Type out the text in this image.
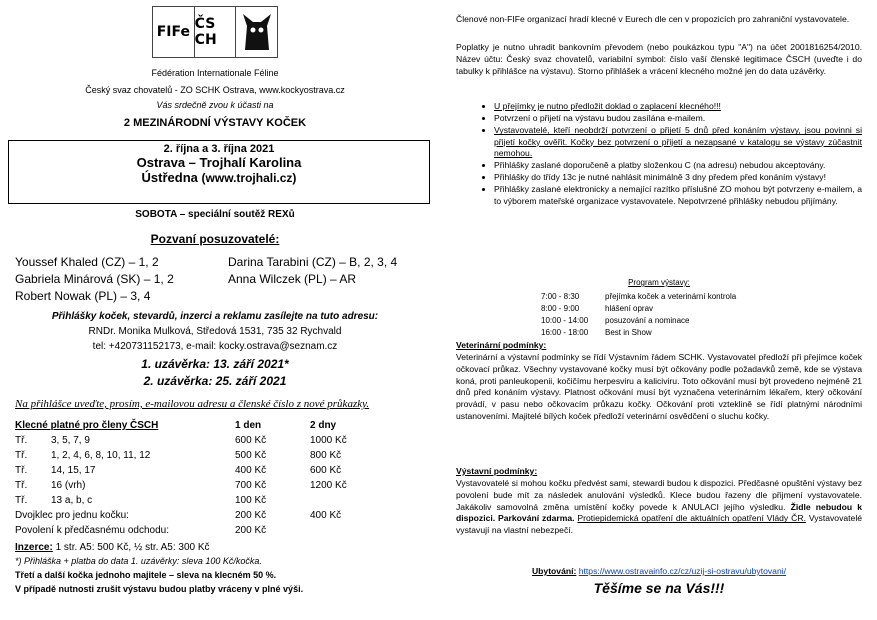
FIFe ČS CH
Fédération Internationale Féline
Český svaz chovatelů - ZO SCHK Ostrava, www.kockyostrava.cz
Vás srdečně zvou k účasti na
2 MEZINÁRODNÍ VÝSTAVY KOČEK
2. října a 3. října 2021
Ostrava – Trojhalí Karolina
Ústředna (www.trojhali.cz)
SOBOTA – speciální soutěž REXů
Pozvaní posuzovatelé:
Youssef Khaled (CZ) – 1, 2	Darina Tarabini (CZ) – B, 2, 3, 4
Gabriela Minárová (SK) – 1, 2	Anna Wilczek (PL) – AR
Robert Nowak (PL) – 3, 4
Přihlášky koček, stevardů, inzerci a reklamu zasílejte na tuto adresu:
RNDr. Monika Mulková, Středová 1531, 735 32 Rychvald
tel: +420731152173, e-mail: kocky.ostrava@seznam.cz
1. uzávěrka: 13. září 2021*
2. uzávěrka: 25. září 2021
Na přihlášce uveďte, prosím, e-mailovou adresu a členské číslo z nové průkazky.
Klecné platné pro členy ČSCH		1 den	2 dny
Tř.	3, 5, 7, 9	600 Kč	1000 Kč
Tř.	1, 2, 4, 6, 8, 10, 11, 12	500 Kč	800 Kč
Tř.	14, 15, 17	400 Kč	600 Kč
Tř.	16 (vrh)	700 Kč	1200 Kč
Tř.	13 a, b, c	100 Kč	
Dvojklec pro jednu kočku:		200 Kč	400 Kč
Povolení k předčasnému odchodu:		200 Kč	
Inzerce: 1 str. A5: 500 Kč, ½ str. A5: 300 Kč
*) Přihláška + platba do data 1. uzávěrky: sleva 100 Kč/kočka.
Třetí a další kočka jednoho majitele – sleva na klecném 50 %.
V případě nutnosti zrušit výstavu budou platby vráceny v plné výši.
Členové non-FIFe organizací hradí klecné v Eurech dle cen v propozicích pro zahraniční vystavovatele.
Poplatky je nutno uhradit bankovním převodem (nebo poukázkou typu "A") na účet 2001816254/2010. Název účtu: Český svaz chovatelů, variabilní symbol: číslo vaší členské legitimace ČSCH (uveďte i do tabulky k přihlášce na výstavu). Storno přihlášek a vrácení klecného možné jen do data uzávěrky.
• U přejímky je nutno předložit doklad o zaplacení klecného!!!
• Potvrzení o přijetí na výstavu budou zasílána e-mailem.
• Vystavovatelé, kteří neobdrží potvrzení o přijetí 5 dnů před konáním výstavy, jsou povinni si přijetí kočky ověřit. Kočky bez potvrzení o přijetí a nezapsané v katalogu se výstavy zúčastnit nemohou.
• Přihlášky zaslané doporučeně a platby složenkou C (na adresu) nebudou akceptovány.
• Přihlášky do třídy 13c je nutné nahlásit minimálně 3 dny předem před konáním výstavy!
• Přihlášky zaslané elektronicky a nemající razítko příslušné ZO mohou být potvrzeny e-mailem, a to výborem mateřské organizace vystavovatele. Nepotvrzené přihlášky nebudou přijímány.
Program výstavy:
7:00 - 8:30	přejímka koček a veterinární kontrola
8:00 - 9:00	hlášení oprav
10:00 - 14:00	posuzování a nominace
16:00 - 18:00	Best in Show
Veterinární podmínky:
Veterinární a výstavní podmínky se řídí Výstavním řádem SCHK. Vystavovatel předloží při přejímce koček očkovací průkaz. Všechny vystavované kočky musí být očkovány podle požadavků země, kde se výstava koná, proti panleukopenii, kočičímu herpesviru a kaliciviru. Toto očkování musí být provedeno nejméně 21 dnů před konáním výstavy. Platnost očkování musí být vyznačena veterinárním lékařem, který očkování provádí, v pasu nebo očkovacím průkazu kočky. Očkování proti vzteklině se řídí platnými národními ustanoveními. Majitelé bílých koček předloží veterinární osvědčení o sluchu kočky.
Výstavní podmínky:
Vystavovatelé si mohou kočku předvést sami, stewardi budou k dispozici. Předčasné opuštění výstavy bez povolení bude mít za následek anulování výsledků. Klece budou řazeny dle přijmení vystavovatele. Jakákoliv samovolná změna umístění kočky povede k ANULACI jejího výsledku. Židle nebudou k dispozici. Parkování zdarma. Protiepidemická opatření dle aktuálních opatření Vlády ČR. Vystavovatelé vystavují na vlastní nebezpečí.
Ubytování: https://www.ostravainfo.cz/cz/uzij-si-ostravu/ubytovani/
Těšíme se na Vás!!!
